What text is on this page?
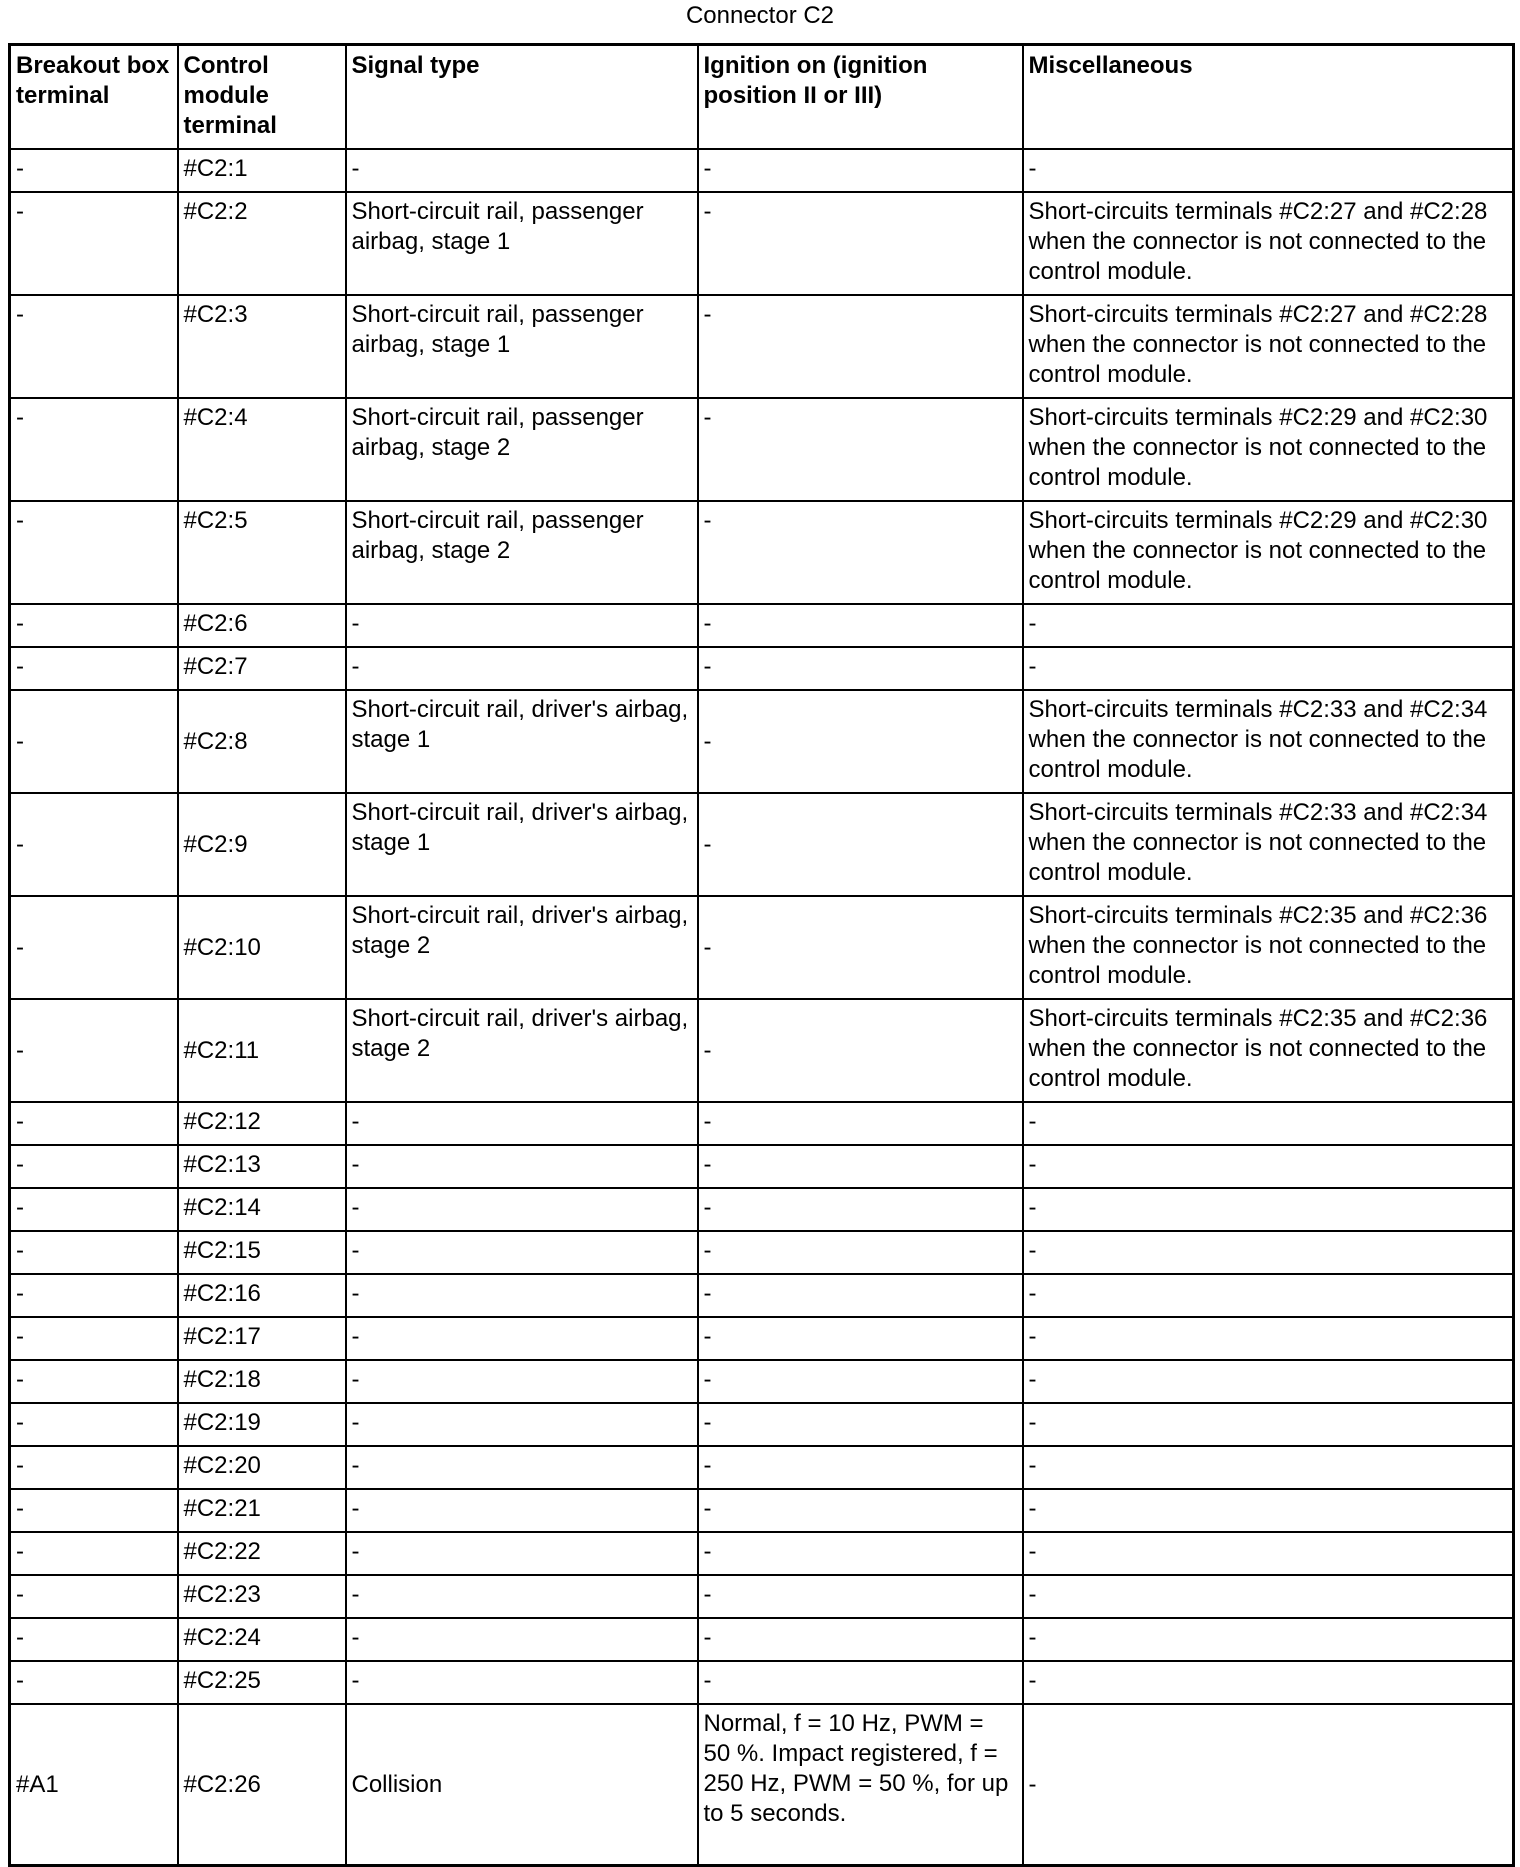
Connector C2
Breakout box terminal	Control module terminal	Signal type	Ignition on (ignition position II or III)	Miscellaneous
-	#C2:1	-	-	-
-	#C2:2	Short-circuit rail, passenger airbag, stage 1	-	Short-circuits terminals #C2:27 and #C2:28 when the connector is not connected to the control module.
-	#C2:3	Short-circuit rail, passenger airbag, stage 1	-	Short-circuits terminals #C2:27 and #C2:28 when the connector is not connected to the control module.
-	#C2:4	Short-circuit rail, passenger airbag, stage 2	-	Short-circuits terminals #C2:29 and #C2:30 when the connector is not connected to the control module.
-	#C2:5	Short-circuit rail, passenger airbag, stage 2	-	Short-circuits terminals #C2:29 and #C2:30 when the connector is not connected to the control module.
-	#C2:6	-	-	-
-	#C2:7	-	-	-
-	#C2:8	Short-circuit rail, driver's airbag, stage 1	-	Short-circuits terminals #C2:33 and #C2:34 when the connector is not connected to the control module.
-	#C2:9	Short-circuit rail, driver's airbag, stage 1	-	Short-circuits terminals #C2:33 and #C2:34 when the connector is not connected to the control module.
-	#C2:10	Short-circuit rail, driver's airbag, stage 2	-	Short-circuits terminals #C2:35 and #C2:36 when the connector is not connected to the control module.
-	#C2:11	Short-circuit rail, driver's airbag, stage 2	-	Short-circuits terminals #C2:35 and #C2:36 when the connector is not connected to the control module.
-	#C2:12	-	-	-
-	#C2:13	-	-	-
-	#C2:14	-	-	-
-	#C2:15	-	-	-
-	#C2:16	-	-	-
-	#C2:17	-	-	-
-	#C2:18	-	-	-
-	#C2:19	-	-	-
-	#C2:20	-	-	-
-	#C2:21	-	-	-
-	#C2:22	-	-	-
-	#C2:23	-	-	-
-	#C2:24	-	-	-
-	#C2:25	-	-	-
#A1	#C2:26	Collision	Normal, f = 10 Hz, PWM = 50 %. Impact registered, f = 250 Hz, PWM = 50 %, for up to 5 seconds.	-
